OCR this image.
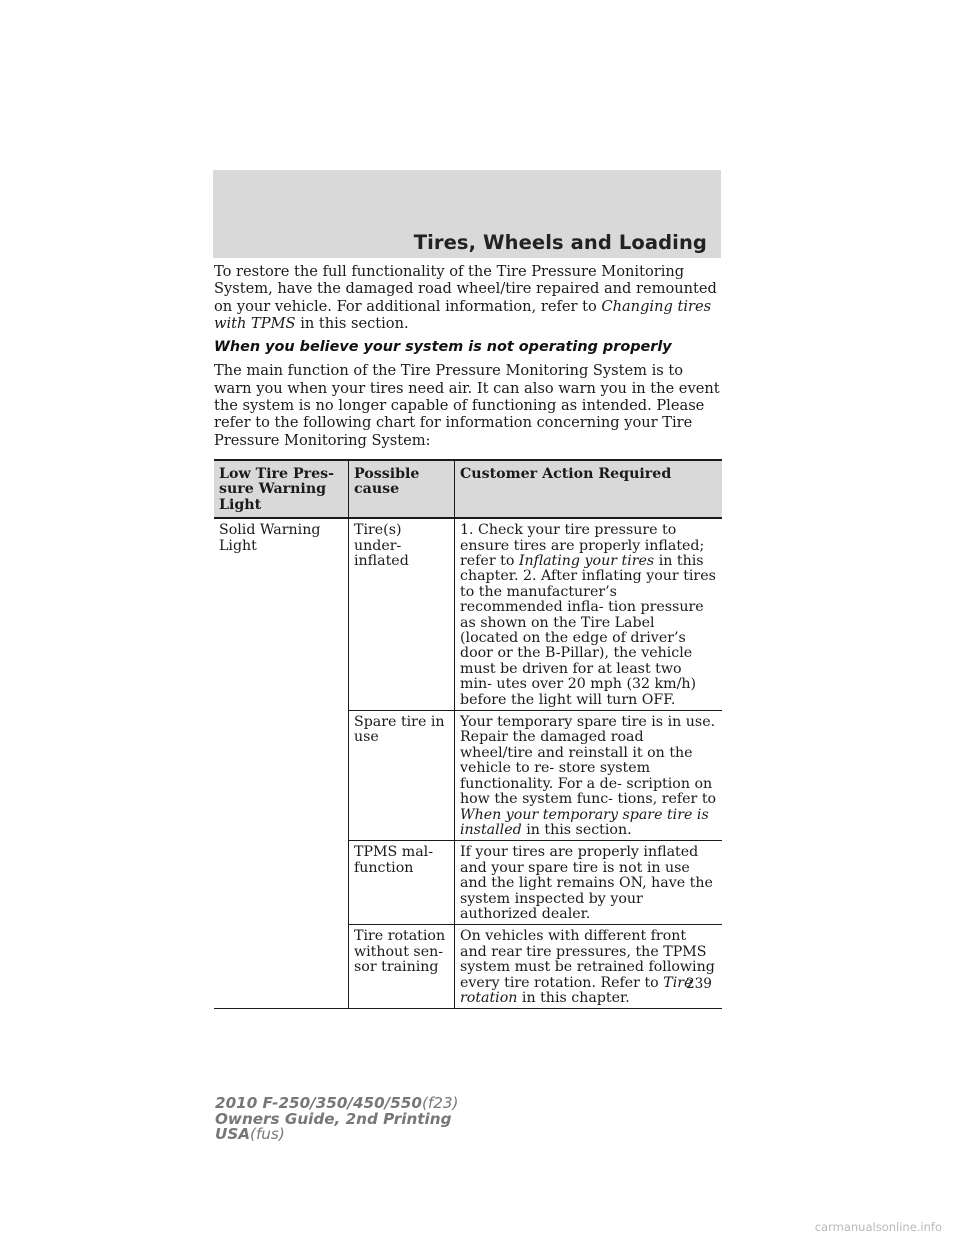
Tires, Wheels and Loading

To restore the full functionality of the Tire Pressure Monitoring System, have the damaged road wheel/tire repaired and remounted on your vehicle. For additional information, refer to Changing tires with TPMS in this section.

When you believe your system is not operating properly

The main function of the Tire Pressure Monitoring System is to warn you when your tires need air. It can also warn you in the event the system is no longer capable of functioning as intended. Please refer to the following chart for information concerning your Tire Pressure Monitoring System:

Low Tire Pres- sure Warning Light	Possible cause	Customer Action Required
Solid Warning Light	Tire(s) under- inflated	1. Check your tire pressure to ensure tires are properly inflated; refer to Inflating your tires in this chapter. 2. After inflating your tires to the manufacturer’s recommended infla- tion pressure as shown on the Tire Label (located on the edge of driver’s door or the B-Pillar), the vehicle must be driven for at least two min- utes over 20 mph (32 km/h) before the light will turn OFF.
	Spare tire in use	Your temporary spare tire is in use. Repair the damaged road wheel/tire and reinstall it on the vehicle to re- store system functionality. For a de- scription on how the system func- tions, refer to When your temporary spare tire is installed in this section.
	TPMS mal- function	If your tires are properly inflated and your spare tire is not in use and the light remains ON, have the system inspected by your authorized dealer.
	Tire rotation without sen- sor training	On vehicles with different front and rear tire pressures, the TPMS system must be retrained following every tire rotation. Refer to Tire rotation in this chapter.
239
2010 F-250/350/450/550(f23)
Owners Guide, 2nd Printing
USA(fus)
carmanualsonline.info
